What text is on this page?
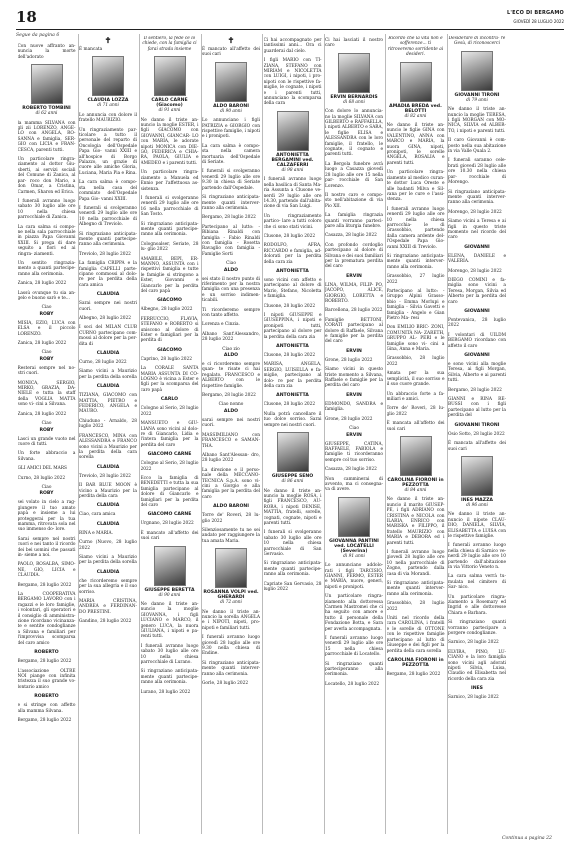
18	L'ECO DI BERGAMO
GIOVEDÌ 28 LUGLIO 2022
Segue da pagina 6
Continua a pagina 22
Con nuove affranto an- nuncia la morte dell'adorato
ROBERTO TOMBINI
di 62 anni
la mamma SILVANA con gli zii LORENZO, ANGE- LO con ANGELA, RO- SANNA e famiglia, SER- GIO con LICIA e FRAN- CESCA, parenti tutti.
Un particolare ringra- ziamento al dottor Giu- sberti, ai servizi sociali del Comune di Zanica, al par- roco don Mario, a don Omar, a Cristina, Carmen, Sharon ed Erica.
I funerali avranno luogo sabato 30 luglio alle ore 10 nella chiesa parrocchiale di Zanica.
La cara salma si compo- ne nella sala parrocchiale in piazza Papa Giovanni XXIII. Si prega di dare seguito a fiori ed ai ringra- ziamenti.
Un sentito ringrazia- mento a quanti partecipe- ranno alla cerimonia.
Zanica, 28 luglio 2022
Lassù ovunque tu sia an- gelo e buono sarò e te...
Ciao
ROBY
MISIA, EZIO, LUCA con ELSA e il piccolo LORENZO.
Zanica, 28 luglio 2022
Ciao
ROBY
Resterai sempre nel no- stri cuori.
MONICA, SERGIO, MIRKO, GRAZIA, DA- NIELE e tutta la staff della VOGLIA MATTA sono vi- cini a Silvana.
Zanica, 28 luglio 2022
Ciao
ROBY
Lasci un grande vuoto nel cuore di tutti.
Un forte abbraccio a Silvana.
GLI AMICI DEL MARS
Curno, 28 luglio 2022
Ciao
ROBY
sei volato in cielo a rag- giungere il tuo amato papà e insieme a lui proteggerai per la tua mamma, ritrovata sola nel suo immenso do- lore.
Sarai sempre nel nostri cuori e nei tanto il ricordo dei bei uomini che passati in- sieme a noi.
PAOLO, ROSALBA, SIMO- NE, GIO, LICIA e CLAUDIA.
Bergamo, 28 luglio 2022
La COOPERATIVA BERGAMO LAVORO con i ragazzi e le loro famiglie, i volontari, gli operatori e il consiglio di amministra- zione ricordano vicinanza- te e sentite condoglianze a Silvana e familiari per l'improvvisa scomparsa del caro amico
ROBERTO
Bergamo, 28 luglio 2022
L'associazione OLTRE NOI piange con infinita tristezza il suo grande vo- lontario amico
ROBERTO
e si stringe con affetto alla mamma Silvana.
Bergamo, 28 luglio 2022
✝
È mancata
CLAUDIA LOZZA
di 71 anni
Lo annuncia con dolore il fratello MAURIZIO.
Un ringraziamento par- ticolare a tutto il personale del reparto di Oncologia dell'Ospedale Papa Gio- vanni XXIII e all'hospice di Borgo Palazzo, un grazie di cuore alle amiche Gloria, Luciana, Maria Pia e Rina.
La cara salma è compo- sta nella casa del commiato dell'Ospedale Papa Gio- vanni XXIII.
I funerali si svolgeranno venerdì 29 luglio alle ore 10 nella parrocchiale di Albegno di Treviolo.
Si ringraziano anticipata- mente quanti partecipe- ranno alla cerimonia.
Treviolo, 28 luglio 2022
La famiglia CRIPPA e la famiglia CAPELLI parte- cipano commossi al dolo- re per la perdita della cara amica
CLAUDIA
Sarai sempre nei nostri cuori.
Albegno, 28 luglio 2022
I soci del MILAN CLUB CURNO partecipano com- mossi al dolore per la per- dita di
CLAUDIA
Curno, 28 luglio 2022
Siamo vicini a Maurizio per la perdita della sorella
CLAUDIA
TIZIANA, GIACOMO con MATTIA, PIETRO e FEDERICO, ANGELA e MAURO.
Chiuduno - Arnaldo, 28 luglio 2022
FRANCESCO, MINA con ALESSANDRA e FRANCO sono vicini a Maurizio per la perdita della cara sorella
CLAUDIA
Treviolo, 28 luglio 2022
Il BAR BLUE MOON è vicino a Maurizio per la perdita della cara
CLAUDIA
Ciao, cara amica
CLAUDIA
RINA e MARIA.
Curno (Nuovo, 28 luglio 2022
Siamo vicini a Maurizio per la perdita della sorella
CLAUDIA
che ricorderemo sempre per la sua allegria e il suo sorriso.
MARIA CRISTINA, ANDREA e FERDINAN- DO PRESTINI.
Gandino, 28 luglio 2022
Il sentiero, la fede ce lo chiede, con la famiglia ci farai strada insieme
CARLO CARNE (Giacomo)
di 91 anni
Ne danno il triste an- nuncio la moglie ESTER, i figli GIACOMO con GIOVANNI, GIANCAR- LO con MARIA, le adorate nipoti MONICA con DIE- GO, FEDERICA e CHIA- RA, PAOLA, GIULIA e AMEDEO e i parenti tutti.
Un particolare ringra- ziamento a Manuela ed Ennio per l'affettuosa as- sistenza.
I funerali si svolgeranno venerdì 29 luglio alle ore 16 nella parrocchiale di San Tosto.
Si ringraziano anticipata- mente quanti partecipe- ranno alla cerimonia.
Colognoalser, Seriate, 28 lu- glio 2022
AMABILE, BEPI, ER- MANNO, ASSUNTA con i rispettivi famiglia e tutte le famiglie si stringono a Ester, Giovanni e Giancarlo per la perdita del caro papà
GIACOMO
Albegno, 28 luglio 2022
FERRUCCIO, FLAVIA, STEFANO e ROBERTO si uniscono al dolore di Ester e famigliari per la perdita di
GIACOMO
Caprino, 28 luglio 2022
La CORALE SANTA MARIA ASSUNTA DI CO- LOGNO è vicina a Ester e figli per la scomparsa del caro papà
CARLO
Cologno al Serio, 28 luglio 2022
MANSUETO e GIU- LIANA sono vicini al dolo- re di Giancarlo, Lidia e l'intera famiglia per la perdita del caro
GIACOMO CARNE
Cologno al Serio, 28 luglio 2022
Ecco la famiglia di BENEDETTI e tutta la sua famiglia partecipano al dolore di Giancarlo e famigliari per la perdita del caro
GIACOMO CARNE
Urgnano, 28 luglio 2022
È mancato all'affetto dei suoi cari
GIUSEPPE BERETTA
di 90 anni
Ne danno il triste an- nuncio la moglie GIOVANNA, i figli LUCIANO e MARCO, il genero LUCA, la nuora GIULIANA, i nipoti e pa- renti tutti.
I funerali avranno luogo sabato 30 luglio alle ore 10 nella chiesa parrocchiale di Lurano.
Si ringraziano anticipata- mente quanti partecipe- ranno alla cerimonia.
Lurano, 28 luglio 2022
✝
È mancato all'affetto dei suoi cari
ALDO BARONI
di 90 anni
Lo annunciano i figli PATRIZIA e GIORGIO con rispettive famiglie, i nipoti e i pronipoti.
La cara salma è compo- sta nella camera mortuaria dell'Ospedale di Seriate.
I funerali si svolgeranno venerdì 29 luglio alle ore 9.30 in chiesa di Seriate partendo dall'Ospedale.
Si ringraziano anticipata- mente quanti interver- ranno alla cerimonia.
Bergamo, 28 luglio 2022
Partecipano al lutto: - Bibiana Rinaldi con famiglia - Fabio Rinaldi con famiglia - Rosetta Ravaglio con famiglia - Famiglie Sorti
Ciao
ALDO
sei stato il nostro punto di riferimento per la nostra famiglia con una presenza e un sorriso indimen- ticabili.
Ti ricorderemo sempre con tanto affetto.
Lorenza e Cinzia.
Albano Sant'Alessandro, 28 luglio 2022
Ciao zio
ALDO
e ci ricorderemo sempre quan- te risate ci hai regalato. FRANCESCO e ALBERTO con le rispettive famiglie.
Bergamo, 28 luglio 2022
Ciao nonno
ALDO
sarai sempre nei nostri cuori.
MASSIMILIANO con FRANCESCO e SAMAN- THA.
Albano Sant'Alessan- dro, 28 luglio 2022
La direzione e il perso- nale della MECCANO- TECNICA S.p.A. sono vi- cini a Giorgio e alla famiglia per la perdita del caro
ALDO BARONI
Torre de' Roveri, 28 lu- glio 2022
Silenziosamente tu ne sei andato per raggiungere la tua amata Maria.
ROSANNA VOLPI ved. GHERARDI
di 72 anni
Ne danno il triste an- nuncio la sorella ANGELA e i NIPOTI, nipoti, pro- nipoti e familiari tutti.
I funerali avranno luogo giovedì 28 luglio alle ore 9.30 nella chiesa di Endine.
Si ringraziano anticipata- mente quanti interver- ranno alla cerimonia.
Gorle, 28 luglio 2022
Ci hai accompagnato per tantissimi anni... Ora ci guarderai dal cielo.
I figli MARIO con TI- ZIANA, STEFANO con MIRIAM e NICOLETTA con LUIGI, i nipoti, i pro- nipoti con le rispettive fa- miglie, le cognate, i nipoti e i parenti tutti, annunciano la scomparsa della cara
ANTONIETTA BERGAMINI ved. CALZAFERRI
di 98 anni
I funerali avranno luogo nella basilica di Santa Ma- ria Assunta a Clusone ve- nerdì 29 luglio alle ore 14.30, partendo dall'abita- zione di via San Luigi.
Un ringraziamento partico- lare a tutti coloro che ci sono stati vicini.
Clusone, 28 luglio 2022
RODOLFO, AFRA, RICCARDO e famiglia, ad- dolorati per la perdita della cara zia
ANTONIETTA
sono vicini con affetto e partecipano al dolore di Mario, Stefano, Nicoletta e famiglia.
Clusone, 28 luglio 2022
I nipoti GIUSEPPE e GIUSEPPINA, i nipoti e pronipoti tutti, partecipano al dolore per la perdita della cara zia
ANTONIETTA
Clusone, 28 luglio 2022
MARISA, ANGELA, SERGIO, LUISELLA e fa- miglie, partecipano al dolo- re per la perdita della cara zia
ANTONIETTA
Clusone, 28 luglio 2022
Nulla potrà cancellare il tuo dolce sorriso. Sarai sempre nei nostri cuori.
GIUSEPPE SENO
di 86 anni
Ne danno il triste an- nuncio la moglie ROSA, i figli FRANCESCO, AU- RORA, i nipoti DENISE, MATTIA, fratelli, sorelle, cognati, cognate, nipoti e parenti tutti.
I funerali si svolgeranno sabato 30 luglio alle ore 10 nella chiesa parrocchiale di San Gervasio.
Si ringraziano anticipata- mente quanti partecipe- ranno alla cerimonia.
Capriate San Gervasio, 28 luglio 2022
Ci hai lasciati il nostro caro
ERVIN BERNARDIS
di 68 anni
Con dolore lo annuncia- no la moglie SILVANA con GILBERTO e RAFFAELLA, i nipoti ALBERTO e SARA, le figlie ELISA e ALESSANDRA con le loro famiglie, il fratello, le cognate, il cognato e parenti tutti.
La Bergola funebre avrà luogo a Casazza giovedì 28 luglio alle ore 15 nella par- rocchiale di San Lorenzo.
Il nostro caro e compo- sto nell'abitazione di via Pio XII.
La famiglia ringrazia quanti vorranno parteci- pare alla liturgia funebre.
Casazza, 28 luglio 2022
Con profondo cordoglio partecipano al dolore di Silvana e dei suoi familiari per la prematura perdita del caro
ERVIN
LINA, WILMA, FILIP- PO, JACOPO, ALICE, GIORGIO, LORETTA e ROBERTO.
Barcellona, 28 luglio 2022
Famiglie BETTONI, CORATI partecipano al dolore di Raffaele, Silvana e famiglie per la perdita del caro
ERVIN
Grone, 28 luglio 2022
Siamo vicini in questo triste momento a Silvana, Raffaele e famiglie per la perdita del caro
ERVIN
EDMONDO, SANDRA e famiglia.
Grone, 28 luglio 2022
Ciao
ERVIN
GIUSEPPE, CATINA, RAFFAELE, FABIOLA e famiglie ti ricorderanno sempre col tuo sorriso.
Casazza, 28 luglio 2022
Non camminerai di avvento, ma ci consegna- va di avere.
GIOVANNA PANTINI ved. LOCATELLI (Severina)
di 91 anni
Lo annunciano addolo- rati i figli TARCISIO, GIANNI, FERMO, ESTER e MARIA, nuore, generi, nipoti e pronipoti.
Un particolare ringra- ziamento alla dottoressa Carmen Mastromei che ci ha seguito con amore e tutto il personale della Fondazione Botta, e Sara per averla accompagnata.
I funerali avranno luogo venerdì 29 luglio alle ore 15 nella chiesa parrocchiale di Locatello.
Si ringraziano quanti parteciperanno alla cerimonia.
Locatello, 28 luglio 2022
Ricordo che la vita non è sofferenze... ti ritroveremo sorridente ai desideri.
AMADIA BREDA ved. BELOTTI
di 82 anni
Ne danno il triste an- nuncio le figlie GINA con VALENTINO, ANNA con MARCO e MARIA, la nuora GINA, nipoti, pronipoti, le sorelle ANGELA, ROSALIA e parenti tutti.
Un particolare ringra- ziamento al medico curan- te dottor Luca Oreste e alle badanti Milva e Sil- vana per le cure e l'assi- stenza.
I funerali avranno luogo venerdì 29 luglio alle ore 10 nella chiesa parrocchia- le di Grassobbio, partendo dalla camera ardente del- l'Ospedale Papa Gio- vanni XXIII di Treviolo.
Si ringraziano anticipata- mente quanti interver- ranno alla cerimonia.
Grassobbio, 27 luglio 2022
Partecipano al lutto: - Gruppo Alpini Grasso- bbio - Emma Morlupi e famiglia - Silvia Gavetti e famiglia - Angelo e Gian Pietro Ma- resi
Don EMILIO BRIC- ZONI, COMUNITÀ NA- ZARETH, GRUPPO AL- PERI e le famiglie sono vi- cini a Gina, Anna e Maria.
Grassobbio, 28 luglio 2022
Amata per la sua semplicità, il suo sorriso e il suo cuore grande.
Un abbraccio forte a fa- miliari e amici.
Torre de' Roveri, 28 lu- glio 2022
È mancata all'affetto dei suoi cari
CAROLINA FIORONI in PEZZOTTA
di 84 anni
Ne danno il triste an- nuncio il marito GIUSEP- PE, i figli ADRIANO con CRISTINA e NICOLA con ILARIA, ENRICO con MARISKA e FILIPPO, il fratello MAURIZIO con MARIA e DEBORA ed i parenti tutti.
I funerali avranno luogo giovedì 28 luglio alle ore 10 nella parrocchiale di Zogno, partendo dalla casa di via Morandi.
Si ringraziano anticipata- mente quanti interver- ranno alla cerimonia.
Grassobbio, 28 luglio 2022
Uniti nel ricordo della cara CAROLINA, i fratelli e le sorelle di OTTONE con le rispettive famiglie partecipano al lutto di Giuseppe e dei figli per la perdita della cara sorella
CAROLINA FIORONI in PEZZOTTA
Bergamo, 28 luglio 2022
Desiderare di incontra- re Gesù, di riconoscerci
GIOVANNI TIRONI
di 79 anni
Ne danno il triste an- nuncio la moglie TERESA, i figli MORGAN con MO- NICA, SILVIA ed ALBER- TO, i nipoti e parenti tutti.
Il caro Giovanni è com- posto nella sua abitazione in via Valle Quala 2.
I funerali saranno cele- brati giovedì 28 luglio alle ore 10.30 nella chiesa par- rocchiale di Morengo.
Si ringraziano anticipata- mente quanti interver- ranno alla cerimonia.
Morengo, 28 luglio 2022
Siamo vicini a Teresa e ai figli in questo triste momento nel ricordo del caro
GIOVANNI
ELENA, DANIELE e VALERIA.
Morengo, 28 luglio 2022
DIEGO COMINI e fa- miglia sono vicini a Teresa, Morgan, Silvia ed Alberto per la perdita del caro
GIOVANNI
Pontevanica, 28 luglio 2022
I volontari di UILDM BERGAMO ricordano con affetto il caro
GIOVANNI
e sono vicini alla moglie Teresa, ai figli Morgan, Silvia, Alberto e ai parenti tutti.
Bergamo, 28 luglio 2022
GIANNI e RINA RE- BUSSI con i figli partecipano al lutto per la perdita del
GIOVANNI TIRONI
Osio Sotto, 28 luglio 2022
È mancata all'affetto dei suoi cari
INES MAZZA
di 96 anni
Ne danno il triste an- nuncio il nipote CLAU- DIO, DANIELA, SILVIA, ELISABETTA e LUISA con le rispettive famiglie.
I funerali avranno luogo nella chiesa di Sarnico ve- nerdì 29 luglio alle ore 10 partendo dall'abitazione in via Vittorio Veneto n.
La cara salma verrà tu- mulata nel cimitero di Sar- nico.
Un particolare ringra- ziamento a Rosemary ed Ingrid e alle dottoresse Chiara e Barbara.
Si ringraziano quanti vorranno partecipare a porgere condoglianze.
Sarnico, 28 luglio 2022
ELVIRA, PINO, LU- CIANO e la loro famiglia sono vicini agli adorati nipoti Silvia, Luisa, Claudio ed Elisabetta nel ricordo della cara zia
INES
Sarnico, 28 luglio 2022
